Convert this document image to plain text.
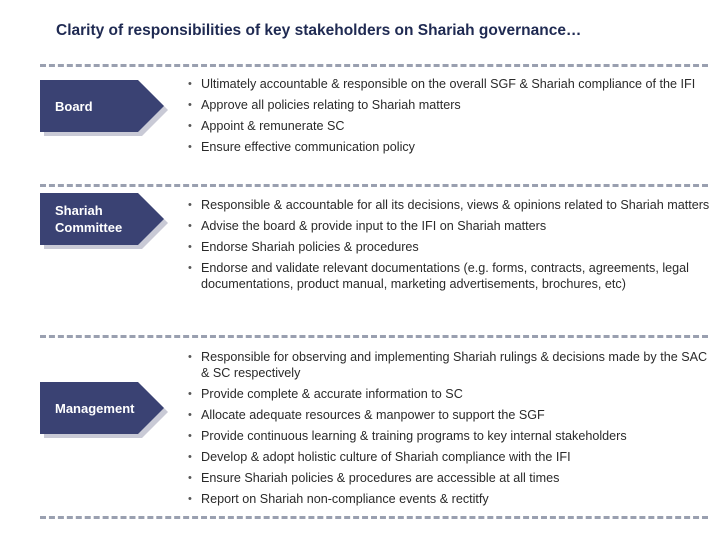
Clarity of responsibilities of key stakeholders on Shariah governance…
Board
• Ultimately accountable & responsible on the overall SGF & Shariah compliance of the IFI
• Approve all policies relating to Shariah matters
• Appoint & remunerate SC
• Ensure effective communication policy
Shariah Committee
• Responsible & accountable for all its decisions, views & opinions related to Shariah matters
• Advise the board & provide input to the IFI on Shariah matters
• Endorse Shariah policies & procedures
• Endorse and validate relevant documentations (e.g. forms, contracts, agreements, legal documentations, product manual, marketing advertisements, brochures, etc)
Management
• Responsible for observing and implementing Shariah rulings & decisions made by the SAC & SC respectively
• Provide complete & accurate information to SC
• Allocate adequate resources & manpower to support the SGF
• Provide continuous learning & training programs to key internal stakeholders
• Develop & adopt holistic culture of Shariah compliance with the IFI
• Ensure Shariah policies & procedures are accessible at all times
• Report on Shariah non-compliance events & rectitfy
